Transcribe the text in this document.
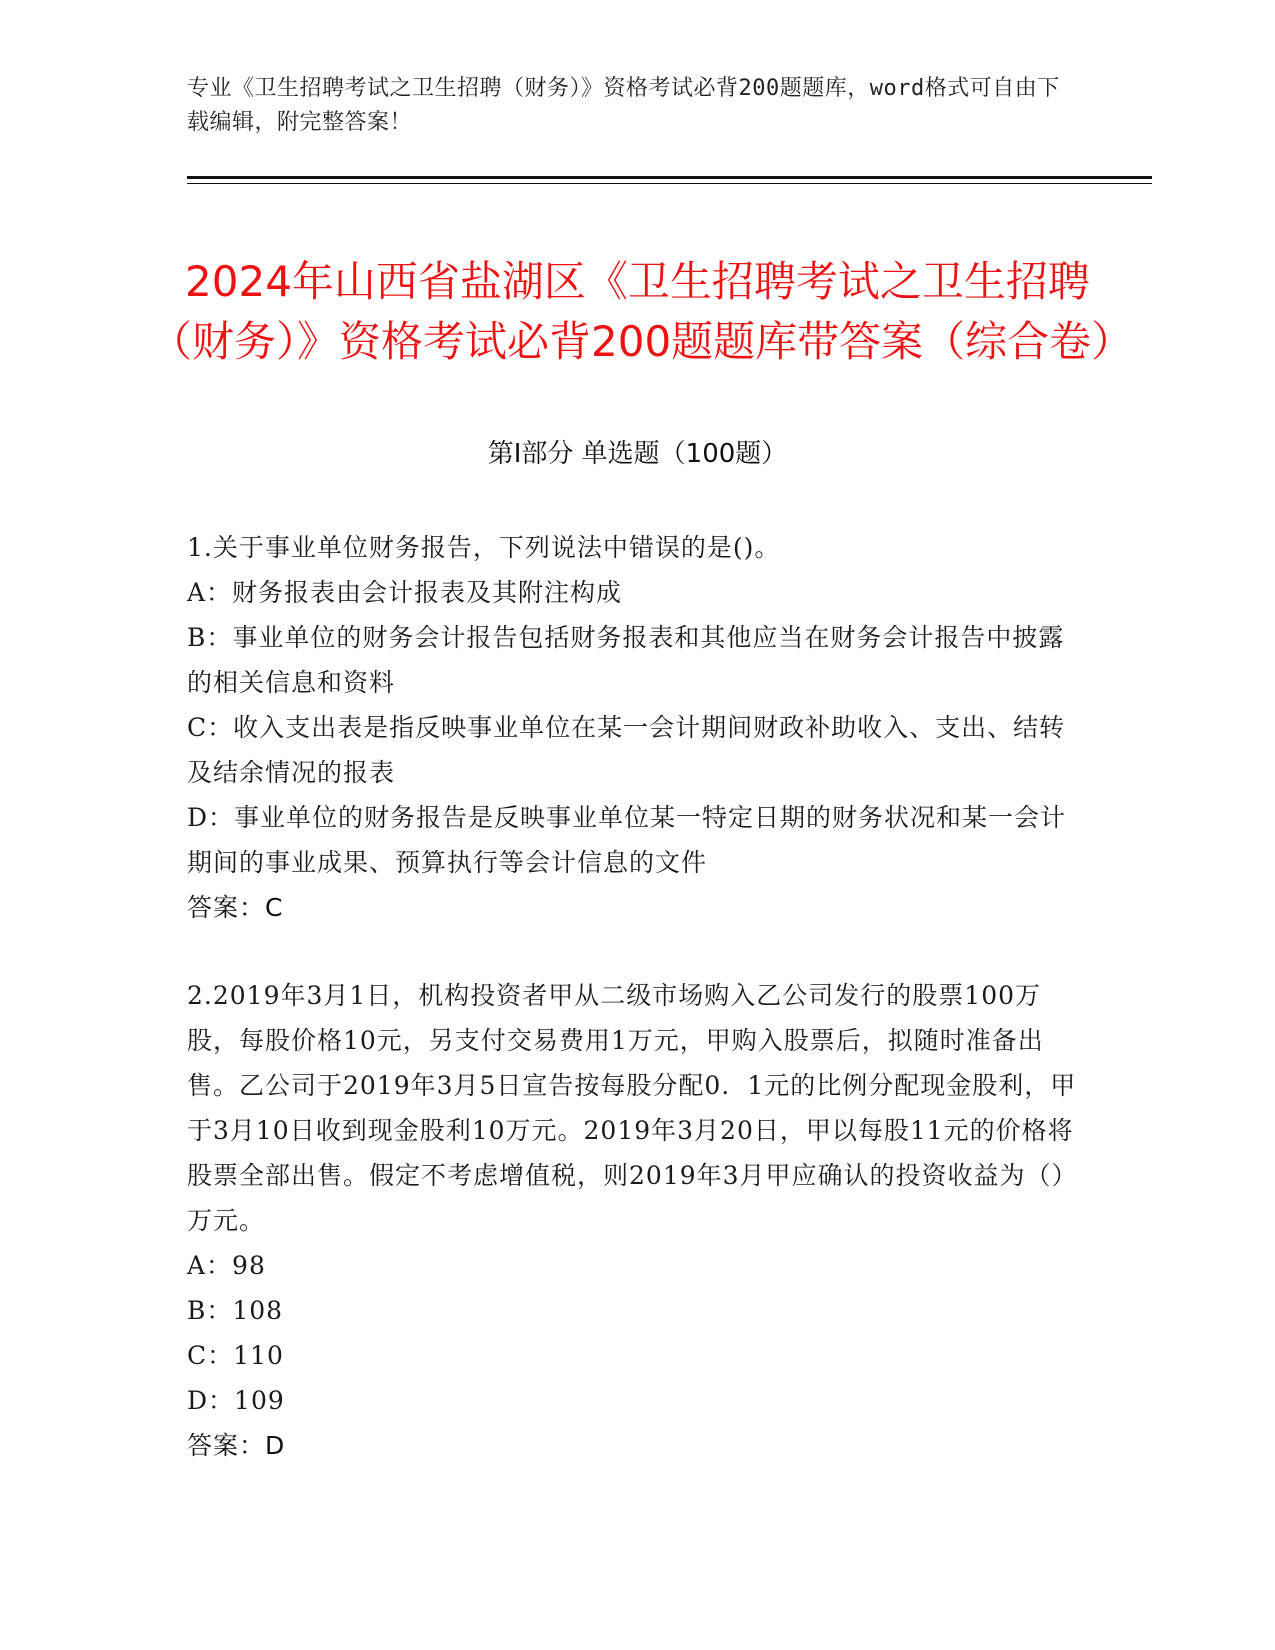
专业《卫生招聘考试之卫生招聘（财务）》资格考试必背200题题库，word格式可自由下载编辑，附完整答案！
2024年山西省盐湖区《卫生招聘考试之卫生招聘（财务）》资格考试必背200题题库带答案（综合卷）
第I部分 单选题（100题）

1.关于事业单位财务报告，下列说法中错误的是()。

A：财务报表由会计报表及其附注构成

B：事业单位的财务会计报告包括财务报表和其他应当在财务会计报告中披露的相关信息和资料

C：收入支出表是指反映事业单位在某一会计期间财政补助收入、支出、结转及结余情况的报表

D：事业单位的财务报告是反映事业单位某一特定日期的财务状况和某一会计期间的事业成果、预算执行等会计信息的文件

答案：C

2.2019年3月1日，机构投资者甲从二级市场购入乙公司发行的股票100万股，每股价格10元，另支付交易费用1万元，甲购入股票后，拟随时准备出售。乙公司于2019年3月5日宣告按每股分配0．1元的比例分配现金股利，甲于3月10日收到现金股利10万元。2019年3月20日，甲以每股11元的价格将股票全部出售。假定不考虑增值税，则2019年3月甲应确认的投资收益为（）万元。

A：98

B：108

C：110

D：109

答案：D
